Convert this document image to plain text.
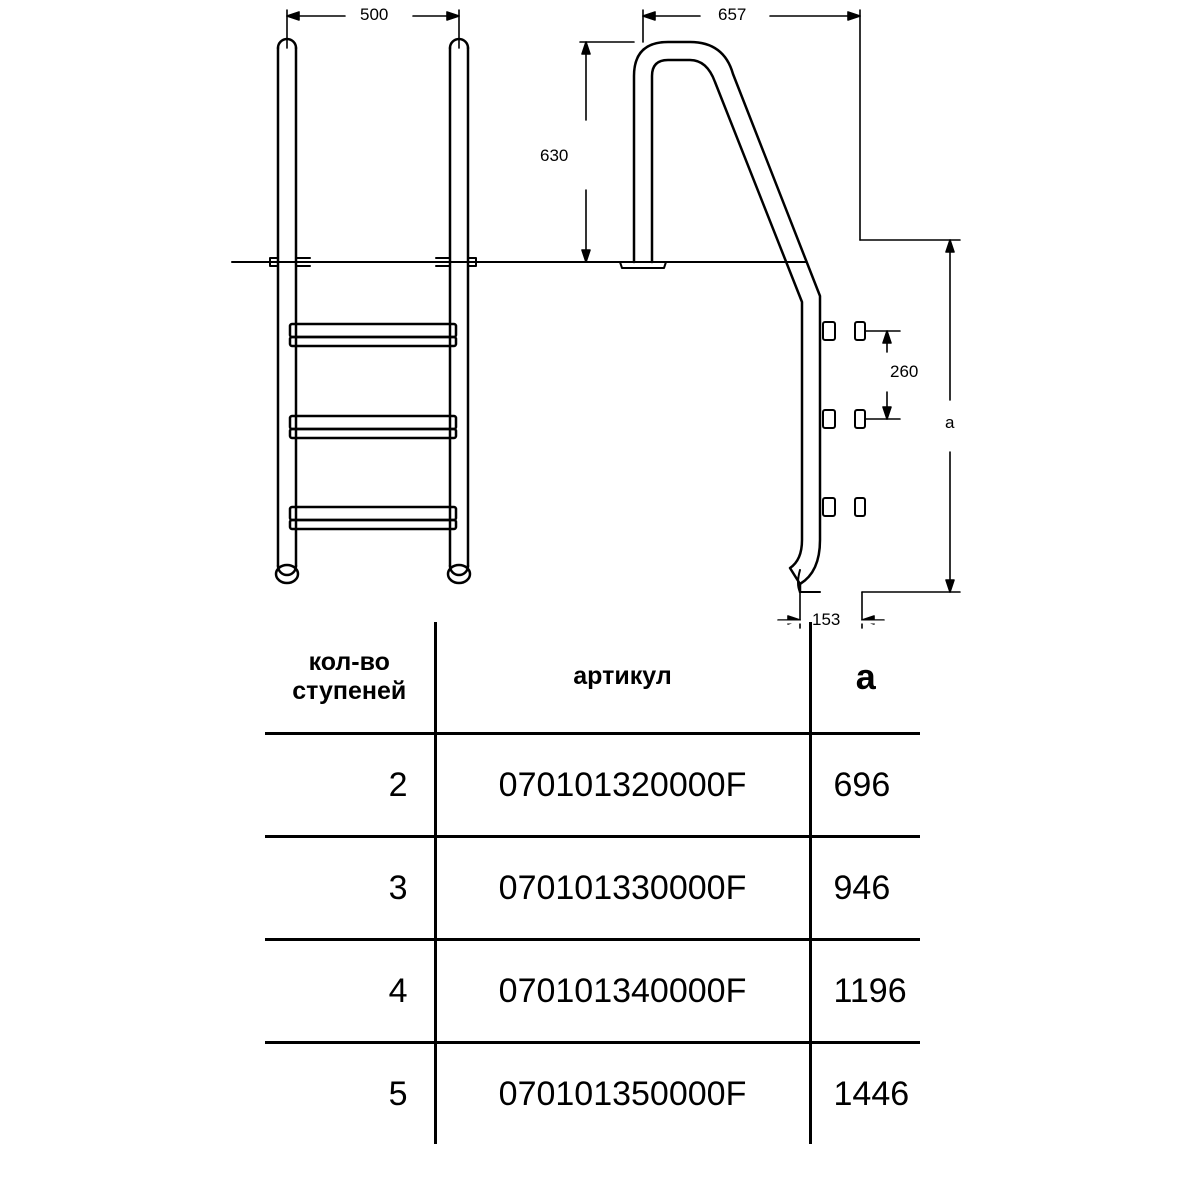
500	657
630
260
a
153
кол-во
ступеней	артикул	a
2	070101320000F	696
3	070101330000F	946
4	070101340000F	1196
5	070101350000F	1446
